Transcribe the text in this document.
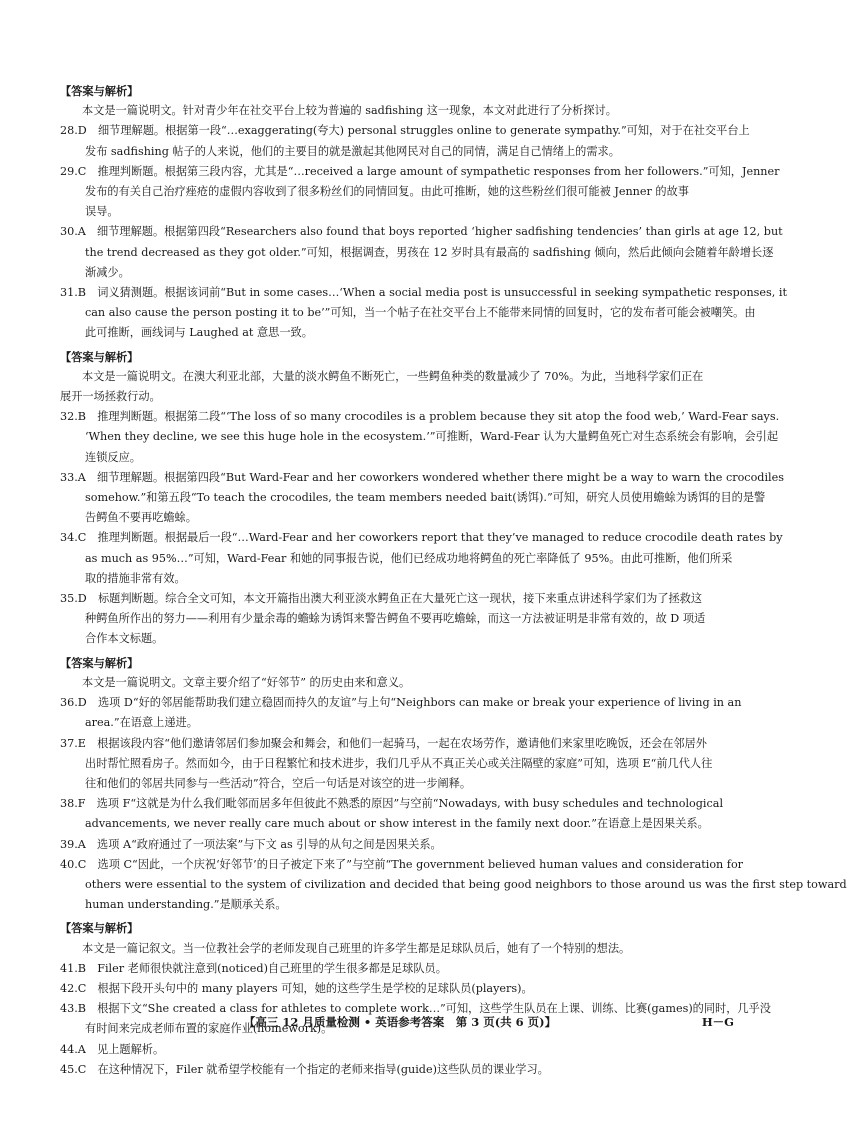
【答案与解析】
本文是一篇说明文。针对青少年在社交平台上较为普遍的 sadfishing 这一现象，本文对此进行了分析探讨。
28.D　细节理解题。根据第一段“…exaggerating(夸大) personal struggles online to generate sympathy.”可知，对于在社交平台上
发布 sadfishing 帖子的人来说，他们的主要目的就是激起其他网民对自己的同情，满足自己情绪上的需求。
29.C　推理判断题。根据第三段内容，尤其是“…received a large amount of sympathetic responses from her followers.”可知，Jenner
发布的有关自己治疗痤疮的虚假内容收到了很多粉丝们的同情回复。由此可推断，她的这些粉丝们很可能被 Jenner 的故事
误导。
30.A　细节理解题。根据第四段“Researchers also found that boys reported ‘higher sadfishing tendencies’ than girls at age 12, but
the trend decreased as they got older.”可知，根据调查，男孩在 12 岁时具有最高的 sadfishing 倾向，然后此倾向会随着年龄增长逐
渐减少。
31.B　词义猜测题。根据该词前“But in some cases…‘When a social media post is unsuccessful in seeking sympathetic responses, it
can also cause the person posting it to be’”可知，当一个帖子在社交平台上不能带来同情的回复时，它的发布者可能会被嘲笑。由
此可推断，画线词与 Laughed at 意思一致。
【答案与解析】
本文是一篇说明文。在澳大利亚北部，大量的淡水鳄鱼不断死亡，一些鳄鱼种类的数量减少了 70%。为此，当地科学家们正在
展开一场拯救行动。
32.B　推理判断题。根据第二段“‘The loss of so many crocodiles is a problem because they sit atop the food web,’ Ward-Fear says.
‘When they decline, we see this huge hole in the ecosystem.’”可推断，Ward-Fear 认为大量鳄鱼死亡对生态系统会有影响，会引起
连锁反应。
33.A　细节理解题。根据第四段“But Ward-Fear and her coworkers wondered whether there might be a way to warn the crocodiles
somehow.”和第五段“To teach the crocodiles, the team members needed bait(诱饵).”可知，研究人员使用蟾蜍为诱饵的目的是警
告鳄鱼不要再吃蟾蜍。
34.C　推理判断题。根据最后一段“…Ward-Fear and her coworkers report that they’ve managed to reduce crocodile death rates by
as much as 95%…”可知，Ward-Fear 和她的同事报告说，他们已经成功地将鳄鱼的死亡率降低了 95%。由此可推断，他们所采
取的措施非常有效。
35.D　标题判断题。综合全文可知，本文开篇指出澳大利亚淡水鳄鱼正在大量死亡这一现状，接下来重点讲述科学家们为了拯救这
种鳄鱼所作出的努力——利用有少量余毒的蟾蜍为诱饵来警告鳄鱼不要再吃蟾蜍，而这一方法被证明是非常有效的，故 D 项适
合作本文标题。
【答案与解析】
本文是一篇说明文。文章主要介绍了“好邻节” 的历史由来和意义。
36.D　选项 D“好的邻居能帮助我们建立稳固而持久的友谊”与上句“Neighbors can make or break your experience of living in an
area.”在语意上递进。
37.E　根据该段内容“他们邀请邻居们参加聚会和舞会，和他们一起骑马，一起在农场劳作，邀请他们来家里吃晚饭，还会在邻居外
出时帮忙照看房子。然而如今，由于日程繁忙和技术进步，我们几乎从不真正关心或关注隔壁的家庭”可知，选项 E“前几代人往
往和他们的邻居共同参与一些活动”符合，空后一句话是对该空的进一步阐释。
38.F　选项 F“这就是为什么我们毗邻而居多年但彼此不熟悉的原因”与空前“Nowadays, with busy schedules and technological
advancements, we never really care much about or show interest in the family next door.”在语意上是因果关系。
39.A　选项 A“政府通过了一项法案”与下文 as 引导的从句之间是因果关系。
40.C　选项 C“因此，一个庆祝‘好邻节’的日子被定下来了”与空前“The government believed human values and consideration for
others were essential to the system of civilization and decided that being good neighbors to those around us was the first step toward
human understanding.”是顺承关系。
【答案与解析】
本文是一篇记叙文。当一位教社会学的老师发现自己班里的许多学生都是足球队员后，她有了一个特别的想法。
41.B　Filer 老师很快就注意到(noticed)自己班里的学生很多都是足球队员。
42.C　根据下段开头句中的 many players 可知，她的这些学生是学校的足球队员(players)。
43.B　根据下文“She created a class for athletes to complete work…”可知，这些学生队员在上课、训练、比赛(games)的同时，几乎没
有时间来完成老师布置的家庭作业(homework)。
44.A　见上题解析。
45.C　在这种情况下，Filer 就希望学校能有一个指定的老师来指导(guide)这些队员的课业学习。
【高三 12 月质量检测 • 英语参考答案　第 3 页(共 6 页)】	H－G
